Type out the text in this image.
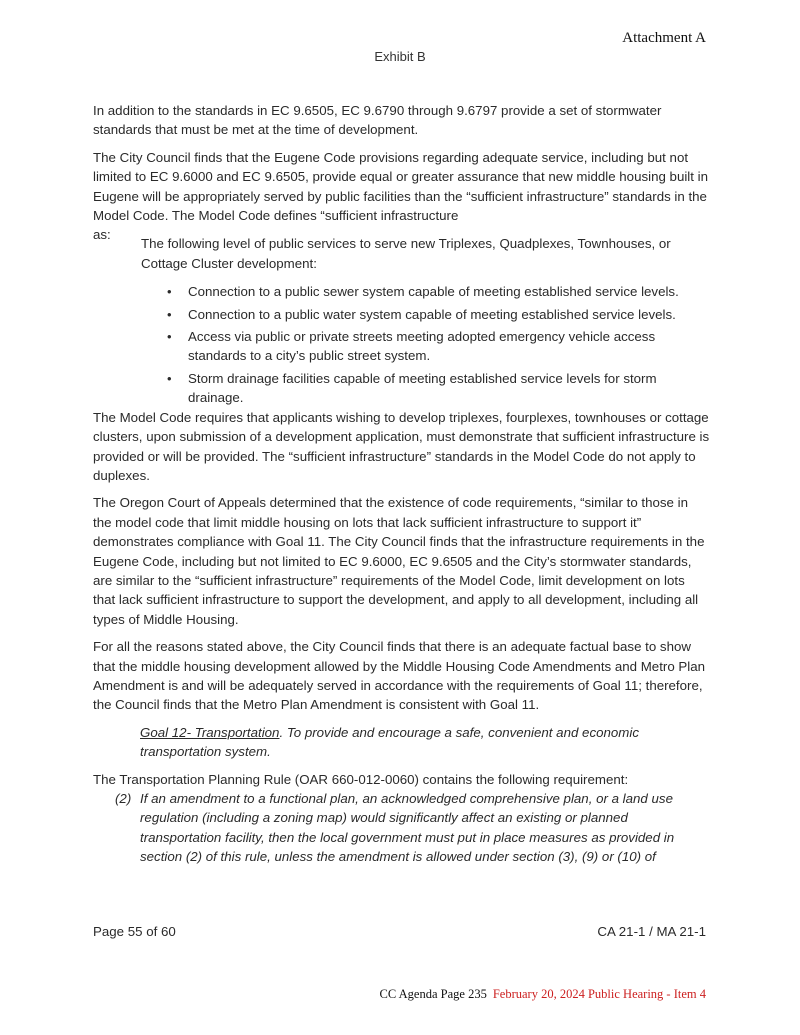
Attachment A
Exhibit B

In addition to the standards in EC 9.6505, EC 9.6790 through 9.6797 provide a set of stormwater standards that must be met at the time of development.

The City Council finds that the Eugene Code provisions regarding adequate service, including but not limited to EC 9.6000 and EC 9.6505, provide equal or greater assurance that new middle housing built in Eugene will be appropriately served by public facilities than the “sufficient infrastructure” standards in the Model Code. The Model Code defines “sufficient infrastructure

as:

The following level of public services to serve new Triplexes, Quadplexes, Townhouses, or Cottage Cluster development:

• Connection to a public sewer system capable of meeting established service levels.
• Connection to a public water system capable of meeting established service levels.
• Access via public or private streets meeting adopted emergency vehicle access standards to a city’s public street system.
• Storm drainage facilities capable of meeting established service levels for storm drainage.

The Model Code requires that applicants wishing to develop triplexes, fourplexes, townhouses or cottage clusters, upon submission of a development application, must demonstrate that sufficient infrastructure is provided or will be provided. The “sufficient infrastructure” standards in the Model Code do not apply to duplexes.

The Oregon Court of Appeals determined that the existence of code requirements, “similar to those in the model code that limit middle housing on lots that lack sufficient infrastructure to support it” demonstrates compliance with Goal 11. The City Council finds that the infrastructure requirements in the Eugene Code, including but not limited to EC 9.6000, EC 9.6505 and the City’s stormwater standards, are similar to the “sufficient infrastructure” requirements of the Model Code, limit development on lots that lack sufficient infrastructure to support the development, and apply to all development, including all types of Middle Housing.

For all the reasons stated above, the City Council finds that there is an adequate factual base to show that the middle housing development allowed by the Middle Housing Code Amendments and Metro Plan Amendment is and will be adequately served in accordance with the requirements of Goal 11; therefore, the Council finds that the Metro Plan Amendment is consistent with Goal 11.

Goal 12- Transportation. To provide and encourage a safe, convenient and economic transportation system.

The Transportation Planning Rule (OAR 660-012-0060) contains the following requirement:

(2) If an amendment to a functional plan, an acknowledged comprehensive plan, or a land use regulation (including a zoning map) would significantly affect an existing or planned transportation facility, then the local government must put in place measures as provided in section (2) of this rule, unless the amendment is allowed under section (3), (9) or (10) of
Page 55 of 60	CA 21-1 / MA 21-1
CC Agenda Page 235 February 20, 2024 Public Hearing - Item 4
